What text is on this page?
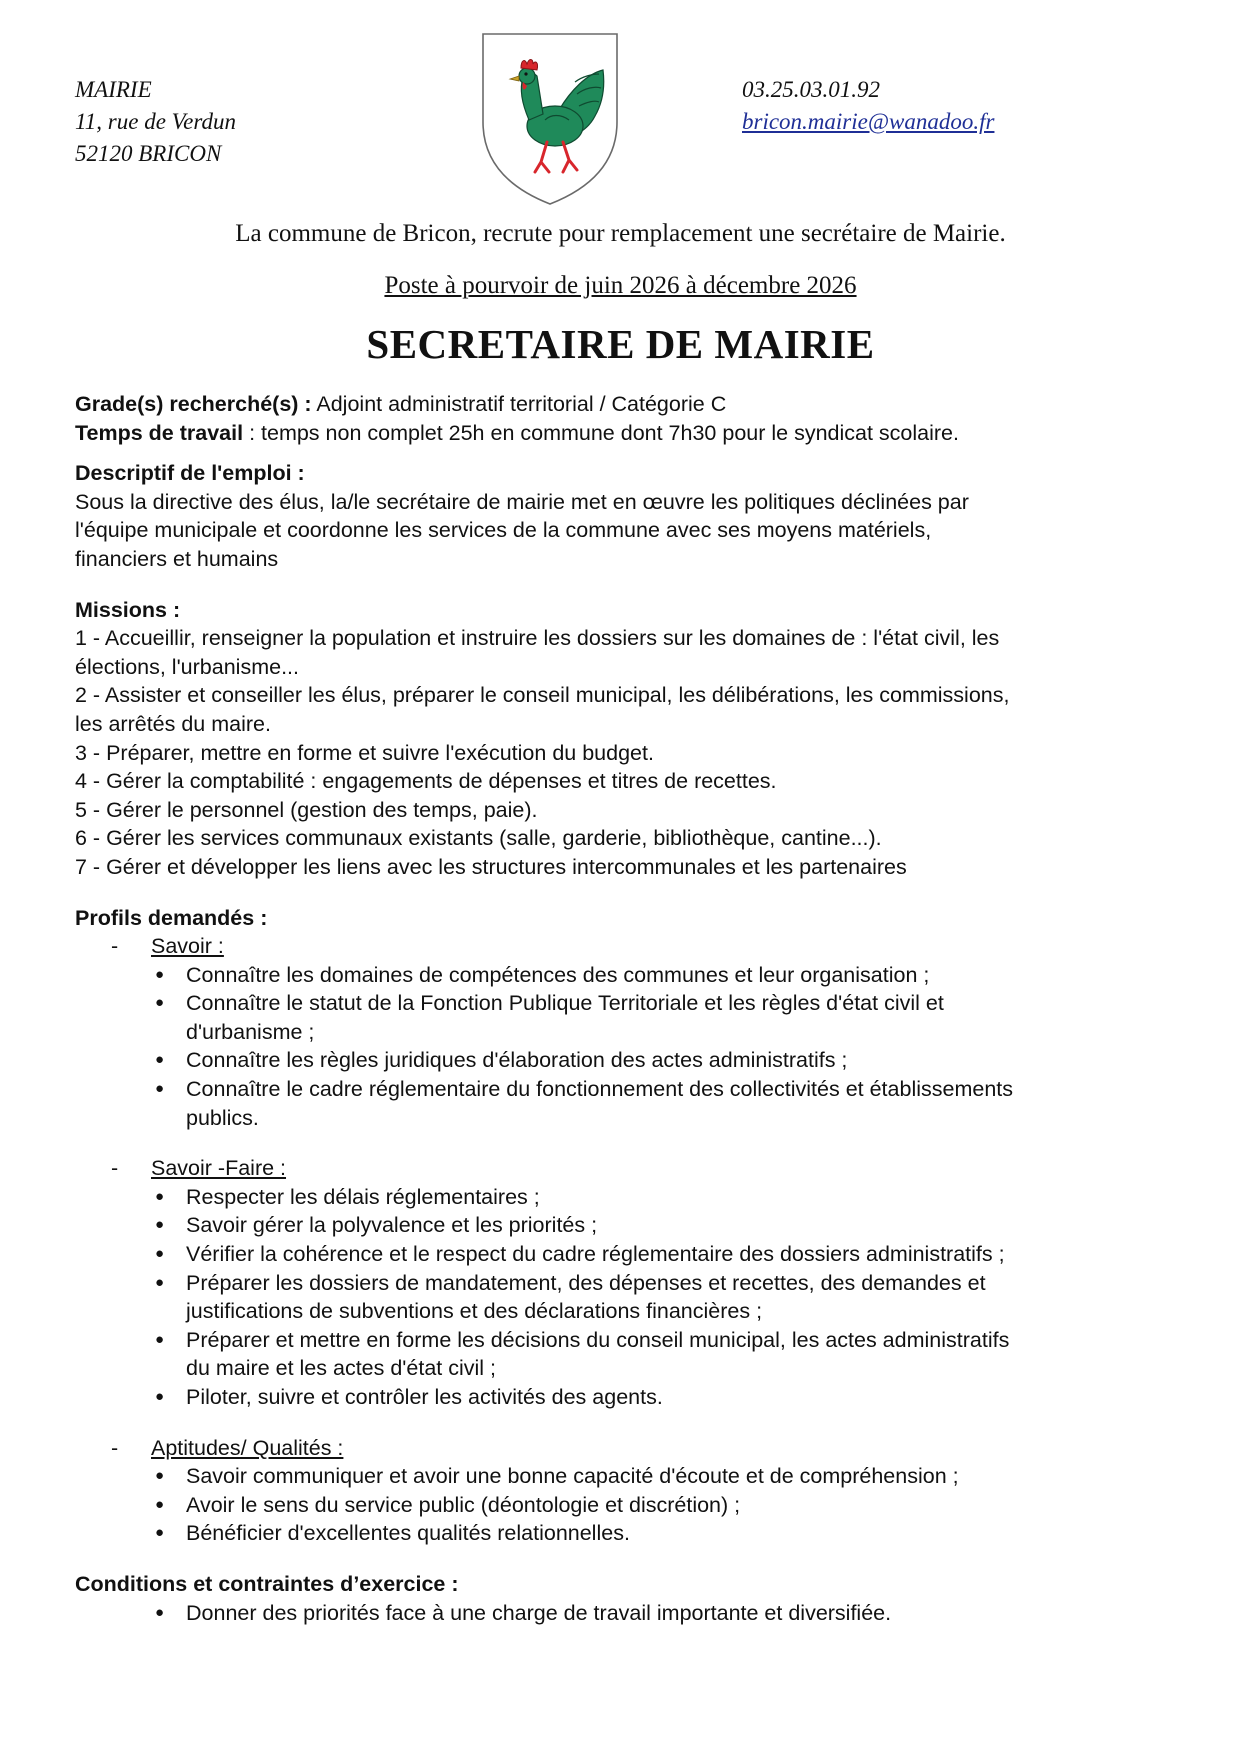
MAIRIE
11, rue de Verdun
52120 BRICON
03.25.03.01.92
bricon.mairie@wanadoo.fr
La commune de Bricon, recrute pour remplacement une secrétaire de Mairie.
Poste à pourvoir de juin 2026 à décembre 2026
SECRETAIRE DE MAIRIE

Grade(s) recherché(s) : Adjoint administratif territorial / Catégorie C

Temps de travail : temps non complet 25h en commune dont 7h30 pour le syndicat scolaire.

Descriptif de l'emploi :

Sous la directive des élus, la/le secrétaire de mairie met en œuvre les politiques déclinées par

l'équipe municipale et coordonne les services de la commune avec ses moyens matériels,

financiers et humains

Missions :

1 - Accueillir, renseigner la population et instruire les dossiers sur les domaines de : l'état civil, les

élections, l'urbanisme...

2 - Assister et conseiller les élus, préparer le conseil municipal, les délibérations, les commissions,

les arrêtés du maire.

3 - Préparer, mettre en forme et suivre l'exécution du budget.

4 - Gérer la comptabilité : engagements de dépenses et titres de recettes.

5 - Gérer le personnel (gestion des temps, paie).

6 - Gérer les services communaux existants (salle, garderie, bibliothèque, cantine...).

7 - Gérer et développer les liens avec les structures intercommunales et les partenaires

Profils demandés :

- Savoir :
● Connaître les domaines de compétences des communes et leur organisation ;
● Connaître le statut de la Fonction Publique Territoriale et les règles d'état civil et
d'urbanisme ;
● Connaître les règles juridiques d'élaboration des actes administratifs ;
● Connaître le cadre réglementaire du fonctionnement des collectivités et établissements
publics.
- Savoir -Faire :
● Respecter les délais réglementaires ;
● Savoir gérer la polyvalence et les priorités ;
● Vérifier la cohérence et le respect du cadre réglementaire des dossiers administratifs ;
● Préparer les dossiers de mandatement, des dépenses et recettes, des demandes et
justifications de subventions et des déclarations financières ;
● Préparer et mettre en forme les décisions du conseil municipal, les actes administratifs
du maire et les actes d'état civil ;
● Piloter, suivre et contrôler les activités des agents.
- Aptitudes/ Qualités :
● Savoir communiquer et avoir une bonne capacité d'écoute et de compréhension ;
● Avoir le sens du service public (déontologie et discrétion) ;
● Bénéficier d'excellentes qualités relationnelles.

Conditions et contraintes d’exercice :

● Donner des priorités face à une charge de travail importante et diversifiée.
